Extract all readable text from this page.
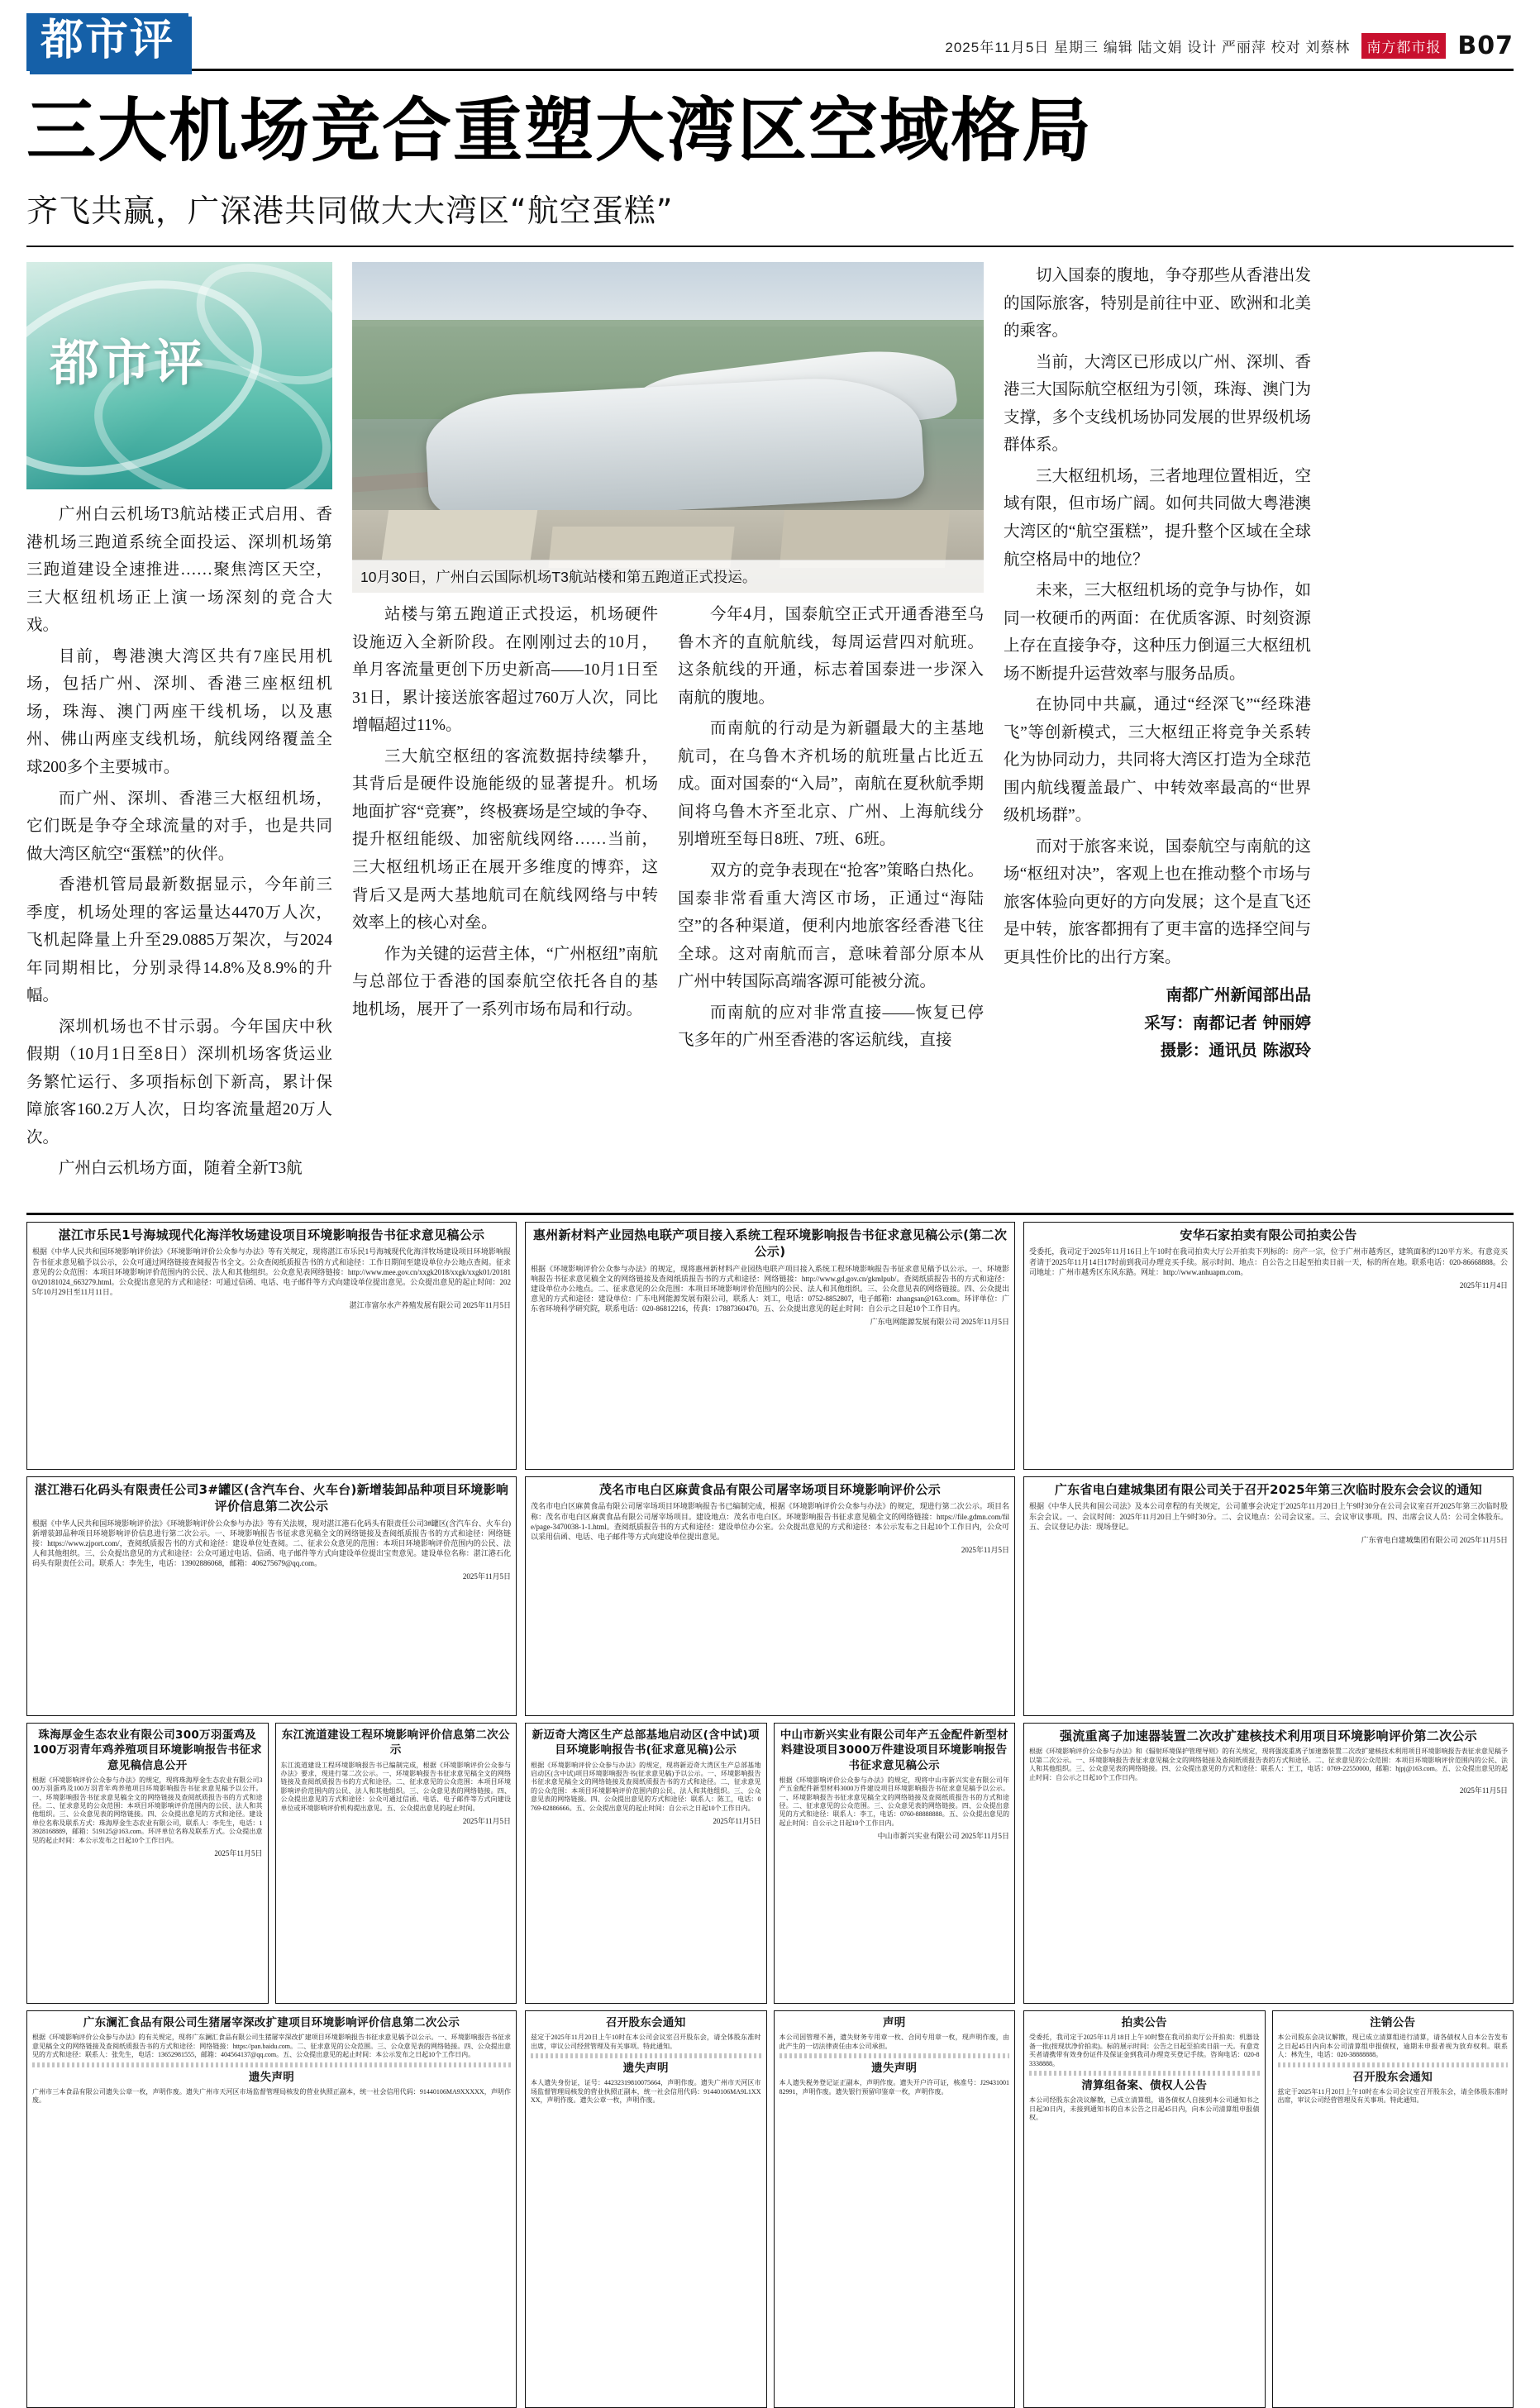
都市评	2025年11月5日 星期三 编辑 陆文娟 设计 严丽萍 校对 刘蔡林	南方都市报 B07
三大机场竞合重塑大湾区空域格局
齐飞共赢，广深港共同做大大湾区“航空蛋糕”
都市评

广州白云机场T3航站楼正式启用、香港机场三跑道系统全面投运、深圳机场第三跑道建设全速推进……聚焦湾区天空，三大枢纽机场正上演一场深刻的竞合大戏。

目前，粤港澳大湾区共有7座民用机场，包括广州、深圳、香港三座枢纽机场，珠海、澳门两座干线机场，以及惠州、佛山两座支线机场，航线网络覆盖全球200多个主要城市。

而广州、深圳、香港三大枢纽机场，它们既是争夺全球流量的对手，也是共同做大湾区航空“蛋糕”的伙伴。

香港机管局最新数据显示，今年前三季度，机场处理的客运量达4470万人次，飞机起降量上升至29.0885万架次，与2024年同期相比，分别录得14.8%及8.9%的升幅。

深圳机场也不甘示弱。今年国庆中秋假期（10月1日至8日）深圳机场客货运业务繁忙运行、多项指标创下新高，累计保障旅客160.2万人次，日均客流量超20万人次。

广州白云机场方面，随着全新T3航

10月30日，广州白云国际机场T3航站楼和第五跑道正式投运。

站楼与第五跑道正式投运，机场硬件设施迈入全新阶段。在刚刚过去的10月，单月客流量更创下历史新高——10月1日至31日，累计接送旅客超过760万人次，同比增幅超过11%。

三大航空枢纽的客流数据持续攀升，其背后是硬件设施能级的显著提升。机场地面扩容“竞赛”，终极赛场是空域的争夺、提升枢纽能级、加密航线网络……当前，三大枢纽机场正在展开多维度的博弈，这背后又是两大基地航司在航线网络与中转效率上的核心对垒。

作为关键的运营主体，“广州枢纽”南航与总部位于香港的国泰航空依托各自的基地机场，展开了一系列市场布局和行动。

今年4月，国泰航空正式开通香港至乌鲁木齐的直航航线，每周运营四对航班。这条航线的开通，标志着国泰进一步深入南航的腹地。

而南航的行动是为新疆最大的主基地航司，在乌鲁木齐机场的航班量占比近五成。面对国泰的“入局”，南航在夏秋航季期间将乌鲁木齐至北京、广州、上海航线分别增班至每日8班、7班、6班。

双方的竞争表现在“抢客”策略白热化。国泰非常看重大湾区市场，正通过“海陆空”的各种渠道，便利内地旅客经香港飞往全球。这对南航而言，意味着部分原本从广州中转国际高端客源可能被分流。

而南航的应对非常直接——恢复已停飞多年的广州至香港的客运航线，直接

切入国泰的腹地，争夺那些从香港出发的国际旅客，特别是前往中亚、欧洲和北美的乘客。

当前，大湾区已形成以广州、深圳、香港三大国际航空枢纽为引领，珠海、澳门为支撑，多个支线机场协同发展的世界级机场群体系。

三大枢纽机场，三者地理位置相近，空域有限，但市场广阔。如何共同做大粤港澳大湾区的“航空蛋糕”，提升整个区域在全球航空格局中的地位？

未来，三大枢纽机场的竞争与协作，如同一枚硬币的两面：在优质客源、时刻资源上存在直接争夺，这种压力倒逼三大枢纽机场不断提升运营效率与服务品质。

在协同中共赢，通过“经深飞”“经珠港飞”等创新模式，三大枢纽正将竞争关系转化为协同动力，共同将大湾区打造为全球范围内航线覆盖最广、中转效率最高的“世界级机场群”。

而对于旅客来说，国泰航空与南航的这场“枢纽对决”，客观上也在推动整个市场与旅客体验向更好的方向发展；这个是直飞还是中转，旅客都拥有了更丰富的选择空间与更具性价比的出行方案。

南都广州新闻部出品
采写：南都记者 钟丽婷
摄影：通讯员 陈淑玲
湛江市乐民1号海城现代化海洋牧场建设项目环境影响报告书征求意见稿公示
根据《中华人民共和国环境影响评价法》《环境影响评价公众参与办法》等有关规定，现将湛江市乐民1号海城现代化海洋牧场建设项目环境影响报告书征求意见稿予以公示，公众可通过网络链接查阅报告书全文。公众查阅纸质报告书的方式和途径：工作日期间至建设单位办公地点查阅。征求意见的公众范围：本项目环境影响评价范围内的公民、法人和其他组织。公众意见表网络链接：http://www.mee.gov.cn/xxgk2018/xxgk/xxgk01/201810/t20181024_663279.html。公众提出意见的方式和途径：可通过信函、电话、电子邮件等方式向建设单位提出意见。公众提出意见的起止时间：2025年10月29日至11月11日。
湛江市富尔水产养殖发展有限公司 2025年11月5日
湛江港石化码头有限责任公司3#罐区(含汽车台、火车台)新增装卸品种项目环境影响评价信息第二次公示
根据《中华人民共和国环境影响评价法》《环境影响评价公众参与办法》等有关法规，现对湛江港石化码头有限责任公司3#罐区(含汽车台、火车台)新增装卸品种项目环境影响评价信息进行第二次公示。一、环境影响报告书征求意见稿全文的网络链接及查阅纸质报告书的方式和途径：网络链接：https://www.zjport.com/，查阅纸质报告书的方式和途径：建设单位处查阅。二、征求公众意见的范围：本项目环境影响评价范围内的公民、法人和其他组织。三、公众提出意见的方式和途径：公众可通过电话、信函、电子邮件等方式向建设单位提出宝贵意见。建设单位名称：湛江港石化码头有限责任公司。联系人：李先生，电话：13902886068，邮箱：406275679@qq.com。
2025年11月5日
珠海厚金生态农业有限公司300万羽蛋鸡及100万羽青年鸡养殖项目环境影响报告书征求意见稿信息公开
根据《环境影响评价公众参与办法》的规定，现将珠海厚金生态农业有限公司300万羽蛋鸡及100万羽青年鸡养殖项目环境影响报告书征求意见稿予以公开。一、环境影响报告书征求意见稿全文的网络链接及查阅纸质报告书的方式和途径。二、征求意见的公众范围：本项目环境影响评价范围内的公民、法人和其他组织。三、公众意见表的网络链接。四、公众提出意见的方式和途径。建设单位名称及联系方式：珠海厚金生态农业有限公司，联系人：李先生，电话：13928168889，邮箱：519125@163.com。环评单位名称及联系方式。公众提出意见的起止时间：本公示发布之日起10个工作日内。
2025年11月5日
东江流道建设工程环境影响评价信息第二次公示
东江流道建设工程环境影响报告书已编制完成，根据《环境影响评价公众参与办法》要求，现进行第二次公示。一、环境影响报告书征求意见稿全文的网络链接及查阅纸质报告书的方式和途径。二、征求意见的公众范围：本项目环境影响评价范围内的公民、法人和其他组织。三、公众意见表的网络链接。四、公众提出意见的方式和途径：公众可通过信函、电话、电子邮件等方式向建设单位或环境影响评价机构提出意见。五、公众提出意见的起止时间。
2025年11月5日
广东澜汇食品有限公司生猪屠宰深改扩建项目环境影响评价信息第二次公示
根据《环境影响评价公众参与办法》的有关规定，现将广东澜汇食品有限公司生猪屠宰深改扩建项目环境影响报告书征求意见稿予以公示。一、环境影响报告书征求意见稿全文的网络链接及查阅纸质报告书的方式和途径：网络链接：https://pan.baidu.com。二、征求意见的公众范围。三、公众意见表的网络链接。四、公众提出意见的方式和途径：联系人：张先生，电话：13652981555，邮箱：404564137@qq.com。五、公众提出意见的起止时间：本公示发布之日起10个工作日内。
遗失声明
广州市三本食品有限公司遗失公章一枚，声明作废。遗失广州市天河区市场监督管理局核发的营业执照正副本，统一社会信用代码：91440106MA9XXXXX，声明作废。
惠州新材料产业园热电联产项目接入系统工程环境影响报告书征求意见稿公示(第二次公示)
根据《环境影响评价公众参与办法》的规定，现将惠州新材料产业园热电联产项目接入系统工程环境影响报告书征求意见稿予以公示。一、环境影响报告书征求意见稿全文的网络链接及查阅纸质报告书的方式和途径：网络链接：http://www.gd.gov.cn/gkmlpub/。查阅纸质报告书的方式和途径：建设单位办公地点。二、征求意见的公众范围：本项目环境影响评价范围内的公民、法人和其他组织。三、公众意见表的网络链接。四、公众提出意见的方式和途径：建设单位：广东电网能源发展有限公司，联系人：刘工，电话：0752-8852807，电子邮箱：zhangsan@163.com。环评单位：广东省环境科学研究院，联系电话：020-86812216，传真：17887360470。五、公众提出意见的起止时间：自公示之日起10个工作日内。
广东电网能源发展有限公司 2025年11月5日
茂名市电白区麻黄食品有限公司屠宰场项目环境影响评价公示
茂名市电白区麻黄食品有限公司屠宰场项目环境影响报告书已编制完成，根据《环境影响评价公众参与办法》的规定，现进行第二次公示。项目名称：茂名市电白区麻黄食品有限公司屠宰场项目。建设地点：茂名市电白区。环境影响报告书征求意见稿全文的网络链接：https://file.gdmn.com/file/page-3470038-1-1.html。查阅纸质报告书的方式和途径：建设单位办公室。公众提出意见的方式和途径：本公示发布之日起10个工作日内，公众可以采用信函、电话、电子邮件等方式向建设单位提出意见。
2025年11月5日
新迈奇大湾区生产总部基地启动区(含中试)项目环境影响报告书(征求意见稿)公示
根据《环境影响评价公众参与办法》的规定，现将新迈奇大湾区生产总部基地启动区(含中试)项目环境影响报告书(征求意见稿)予以公示。一、环境影响报告书征求意见稿全文的网络链接及查阅纸质报告书的方式和途径。二、征求意见的公众范围：本项目环境影响评价范围内的公民、法人和其他组织。三、公众意见表的网络链接。四、公众提出意见的方式和途径：联系人：陈工，电话：0769-82886666。五、公众提出意见的起止时间：自公示之日起10个工作日内。
2025年11月5日
中山市新兴实业有限公司年产五金配件新型材料建设项目3000万件建设项目环境影响报告书征求意见稿公示
根据《环境影响评价公众参与办法》的规定，现将中山市新兴实业有限公司年产五金配件新型材料3000万件建设项目环境影响报告书征求意见稿予以公示。一、环境影响报告书征求意见稿全文的网络链接及查阅纸质报告书的方式和途径。二、征求意见的公众范围。三、公众意见表的网络链接。四、公众提出意见的方式和途径：联系人：李工，电话：0760-88888888。五、公众提出意见的起止时间：自公示之日起10个工作日内。
中山市新兴实业有限公司 2025年11月5日
召开股东会通知
兹定于2025年11月20日上午10时在本公司会议室召开股东会，请全体股东准时出席，审议公司经营管理及有关事项。特此通知。
遗失声明
本人遗失身份证，证号：44232319810075664，声明作废。遗失广州市天河区市场监督管理局核发的营业执照正副本，统一社会信用代码：91440106MA9L1XXXX，声明作废。遗失公章一枚，声明作废。
声明
本公司因管理不善，遗失财务专用章一枚、合同专用章一枚，现声明作废，由此产生的一切法律责任由本公司承担。
遗失声明
本人遗失税务登记证正副本，声明作废。遗失开户许可证，核准号：J2943100182991，声明作废。遗失银行预留印鉴章一枚，声明作废。
安华石家拍卖有限公司拍卖公告
受委托，我司定于2025年11月16日上午10时在我司拍卖大厅公开拍卖下列标的：房产一宗，位于广州市越秀区，建筑面积约120平方米。有意竞买者请于2025年11月14日17时前到我司办理竞买手续。展示时间、地点：自公告之日起至拍卖日前一天，标的所在地。联系电话：020-86668888。公司地址：广州市越秀区东风东路。网址：http://www.anhuapm.com。
2025年11月4日
广东省电白建城集团有限公司关于召开2025年第三次临时股东会会议的通知
根据《中华人民共和国公司法》及本公司章程的有关规定，公司董事会决定于2025年11月20日上午9时30分在公司会议室召开2025年第三次临时股东会会议。一、会议时间：2025年11月20日上午9时30分。二、会议地点：公司会议室。三、会议审议事项。四、出席会议人员：公司全体股东。五、会议登记办法：现场登记。
广东省电白建城集团有限公司 2025年11月5日
强流重离子加速器装置二次改扩建核技术利用项目环境影响评价第二次公示
根据《环境影响评价公众参与办法》和《辐射环境保护管理导则》的有关规定，现将强流重离子加速器装置二次改扩建核技术利用项目环境影响报告表征求意见稿予以第二次公示。一、环境影响报告表征求意见稿全文的网络链接及查阅纸质报告表的方式和途径。二、征求意见的公众范围：本项目环境影响评价范围内的公民、法人和其他组织。三、公众意见表的网络链接。四、公众提出意见的方式和途径：联系人：王工，电话：0769-22550000，邮箱：hjpj@163.com。五、公众提出意见的起止时间：自公示之日起10个工作日内。
2025年11月5日
拍卖公告
受委托，我司定于2025年11月18日上午10时整在我司拍卖厅公开拍卖：机器设备一批(按现状净价拍卖)。标的展示时间：公告之日起至拍卖日前一天。有意竞买者请携带有效身份证件及保证金到我司办理竞买登记手续。咨询电话：020-83338888。
清算组备案、债权人公告
本公司经股东会决议解散，已成立清算组，请各债权人自接到本公司通知书之日起30日内，未接到通知书的自本公告之日起45日内，向本公司清算组申报债权。
注销公告
本公司股东会决议解散，现已成立清算组进行清算，请各债权人自本公告发布之日起45日内向本公司清算组申报债权，逾期未申报者视为放弃权利。联系人：林先生，电话：020-38888888。
召开股东会通知
兹定于2025年11月20日上午10时在本公司会议室召开股东会，请全体股东准时出席，审议公司经营管理及有关事项。特此通知。
